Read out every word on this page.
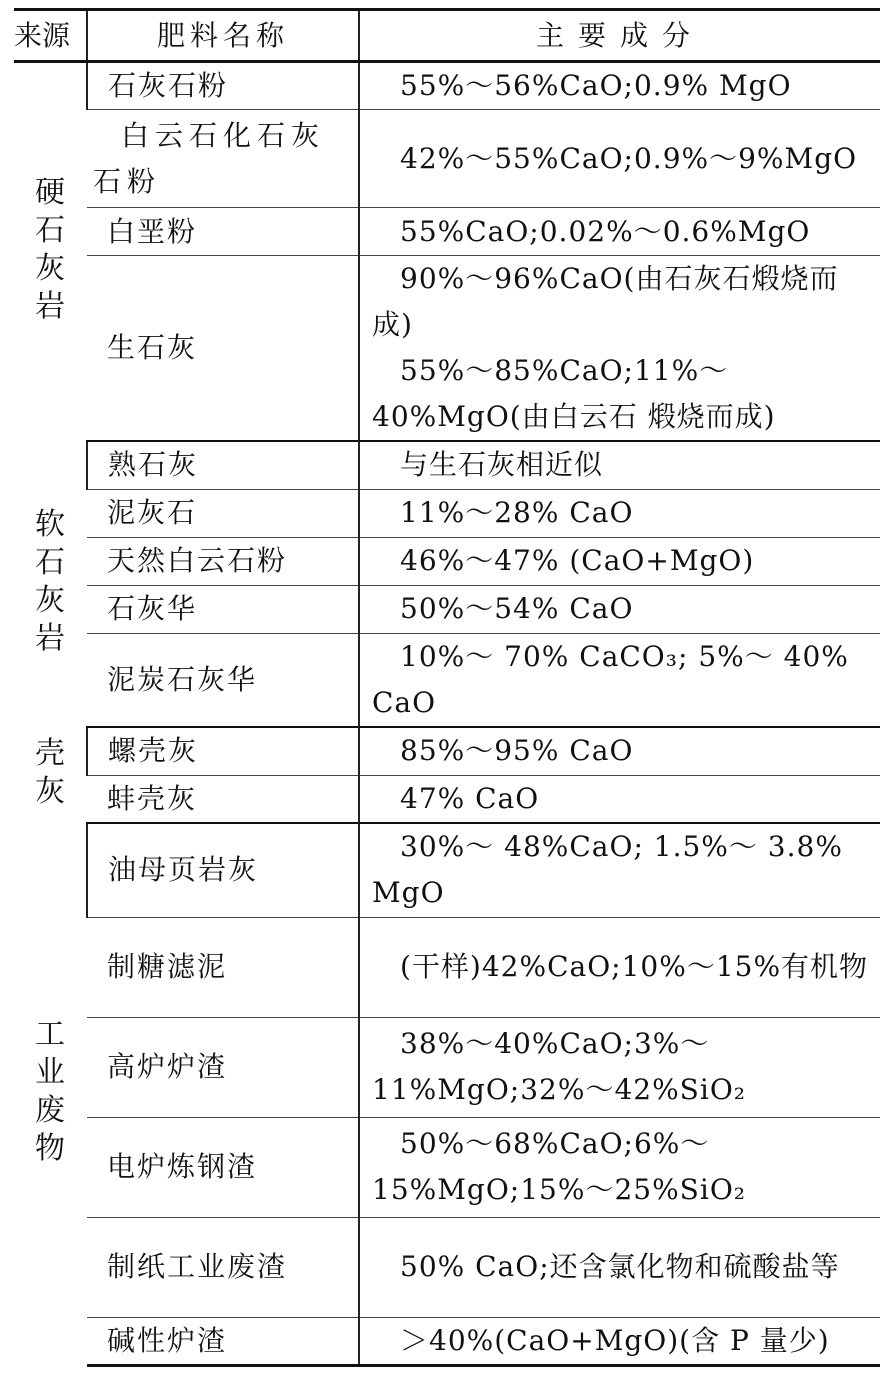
来源	肥料名称	主要成分
硬石灰岩	石灰石粉	55%～56%CaO;0.9% MgO

	白云石化石灰石粉	42%～55%CaO;0.9%～9%MgO

	白垩粉	55%CaO;0.02%～0.6%MgO

	生石灰	90%～96%CaO(由石灰石煅烧而成)
55%～85%CaO;11%～40%MgO(由白云石 煅烧而成)

软石灰岩	熟石灰	与生石灰相近似

	泥灰石	11%～28% CaO

	天然白云石粉	46%～47% (CaO+MgO)

	石灰华	50%～54% CaO

	泥炭石灰华	10%～ 70% CaCO₃; 5%～ 40% CaO

壳灰	螺壳灰	85%～95% CaO

	蚌壳灰	47% CaO

工业废物	油母页岩灰	30%～ 48%CaO; 1.5%～ 3.8% MgO

	制糖滤泥	(干样)42%CaO;10%～15%有机物

	高炉炉渣	38%～40%CaO;3%～11%MgO;32%～42%SiO₂

	电炉炼钢渣	50%～68%CaO;6%～15%MgO;15%～25%SiO₂

	制纸工业废渣	50% CaO;还含氯化物和硫酸盐等

	碱性炉渣	＞40%(CaO+MgO)(含 P 量少)
